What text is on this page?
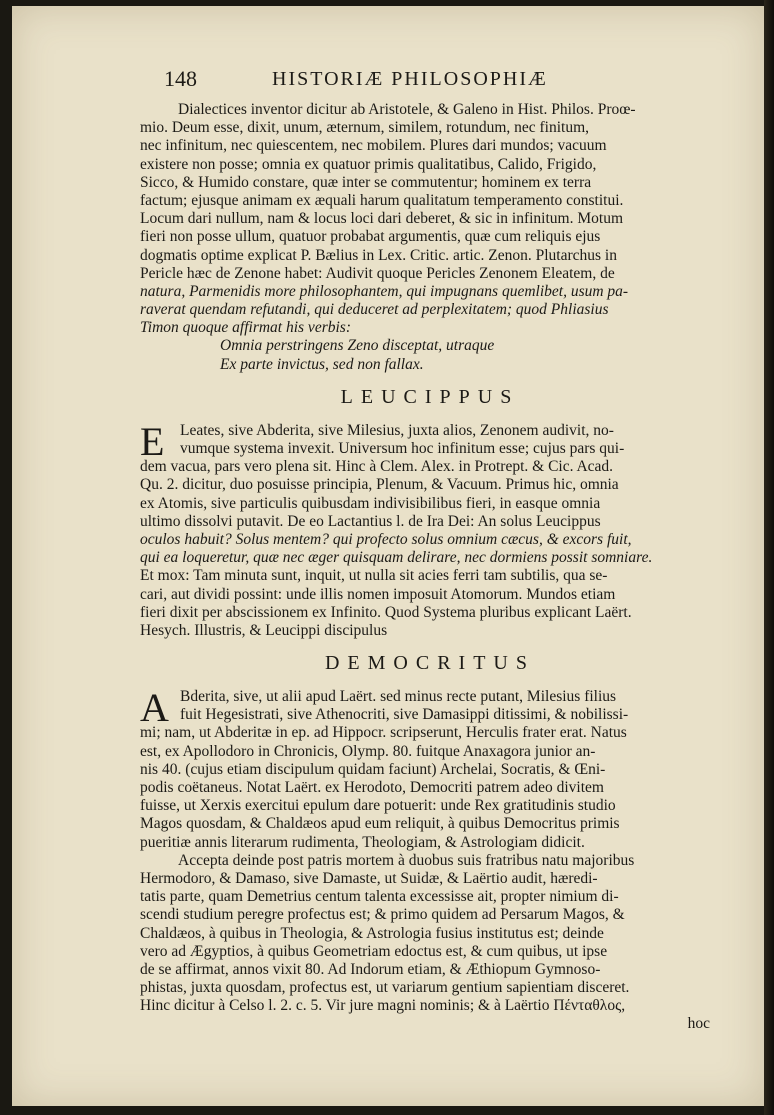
148	HISTORIÆ PHILOSOPHIÆ
Dialectices inventor dicitur ab Aristotele, & Galeno in Hist. Philos. Proœ-
mio. Deum esse, dixit, unum, æternum, similem, rotundum, nec finitum,
nec infinitum, nec quiescentem, nec mobilem. Plures dari mundos; vacuum
existere non posse; omnia ex quatuor primis qualitatibus, Calido, Frigido,
Sicco, & Humido constare, quæ inter se commutentur; hominem ex terra
factum; ejusque animam ex æquali harum qualitatum temperamento constitui.
Locum dari nullum, nam & locus loci dari deberet, & sic in infinitum. Motum
fieri non posse ullum, quatuor probabat argumentis, quæ cum reliquis ejus
dogmatis optime explicat P. Bælius in Lex. Critic. artic. Zenon. Plutarchus in
Pericle hæc de Zenone habet: Audivit quoque Pericles Zenonem Eleatem, de
natura, Parmenidis more philosophantem, qui impugnans quemlibet, usum pa-
raverat quendam refutandi, qui deduceret ad perplexitatem; quod Phliasius
Timon quoque affirmat his verbis:
Omnia perstringens Zeno disceptat, utraque
Ex parte invictus, sed non fallax.
LEUCIPPUS
E	Leates, sive Abderita, sive Milesius, juxta alios, Zenonem audivit, no-
vumque systema invexit. Universum hoc infinitum esse; cujus pars qui-
dem vacua, pars vero plena sit. Hinc à Clem. Alex. in Protrept. & Cic. Acad.
Qu. 2. dicitur, duo posuisse principia, Plenum, & Vacuum. Primus hic, omnia
ex Atomis, sive particulis quibusdam indivisibilibus fieri, in easque omnia
ultimo dissolvi putavit. De eo Lactantius l. de Ira Dei: An solus Leucippus
oculos habuit? Solus mentem? qui profecto solus omnium cæcus, & excors fuit,
qui ea loqueretur, quæ nec æger quisquam delirare, nec dormiens possit somniare.
Et mox: Tam minuta sunt, inquit, ut nulla sit acies ferri tam subtilis, qua se-
cari, aut dividi possint: unde illis nomen imposuit Atomorum. Mundos etiam
fieri dixit per abscissionem ex Infinito. Quod Systema pluribus explicant Laërt.
Hesych. Illustris, & Leucippi discipulus
DEMOCRITUS
A Bderita, sive, ut alii apud Laërt. sed minus recte putant, Milesius filius
fuit Hegesistrati, sive Athenocriti, sive Damasippi ditissimi, & nobilissi-
mi; nam, ut Abderitæ in ep. ad Hippocr. scripserunt, Herculis frater erat. Natus
est, ex Apollodoro in Chronicis, Olymp. 80. fuitque Anaxagora junior an-
nis 40. (cujus etiam discipulum quidam faciunt) Archelai, Socratis, & Œni-
podis coëtaneus. Notat Laërt. ex Herodoto, Democriti patrem adeo divitem
fuisse, ut Xerxis exercitui epulum dare potuerit: unde Rex gratitudinis studio
Magos quosdam, & Chaldæos apud eum reliquit, à quibus Democritus primis
pueritiæ annis literarum rudimenta, Theologiam, & Astrologiam didicit.
Accepta deinde post patris mortem à duobus suis fratribus natu majoribus
Hermodoro, & Damaso, sive Damaste, ut Suidæ, & Laërtio audit, hæredi-
tatis parte, quam Demetrius centum talenta excessisse ait, propter nimium di-
scendi studium peregre profectus est; & primo quidem ad Persarum Magos, &
Chaldæos, à quibus in Theologia, & Astrologia fusius institutus est; deinde
vero ad Ægyptios, à quibus Geometriam edoctus est, & cum quibus, ut ipse
de se affirmat, annos vixit 80. Ad Indorum etiam, & Æthiopum Gymnoso-
phistas, juxta quosdam, profectus est, ut variarum gentium sapientiam disceret.
Hinc dicitur à Celso l. 2. c. 5. Vir jure magni nominis; & à Laërtio Πένταθλος,
hoc
